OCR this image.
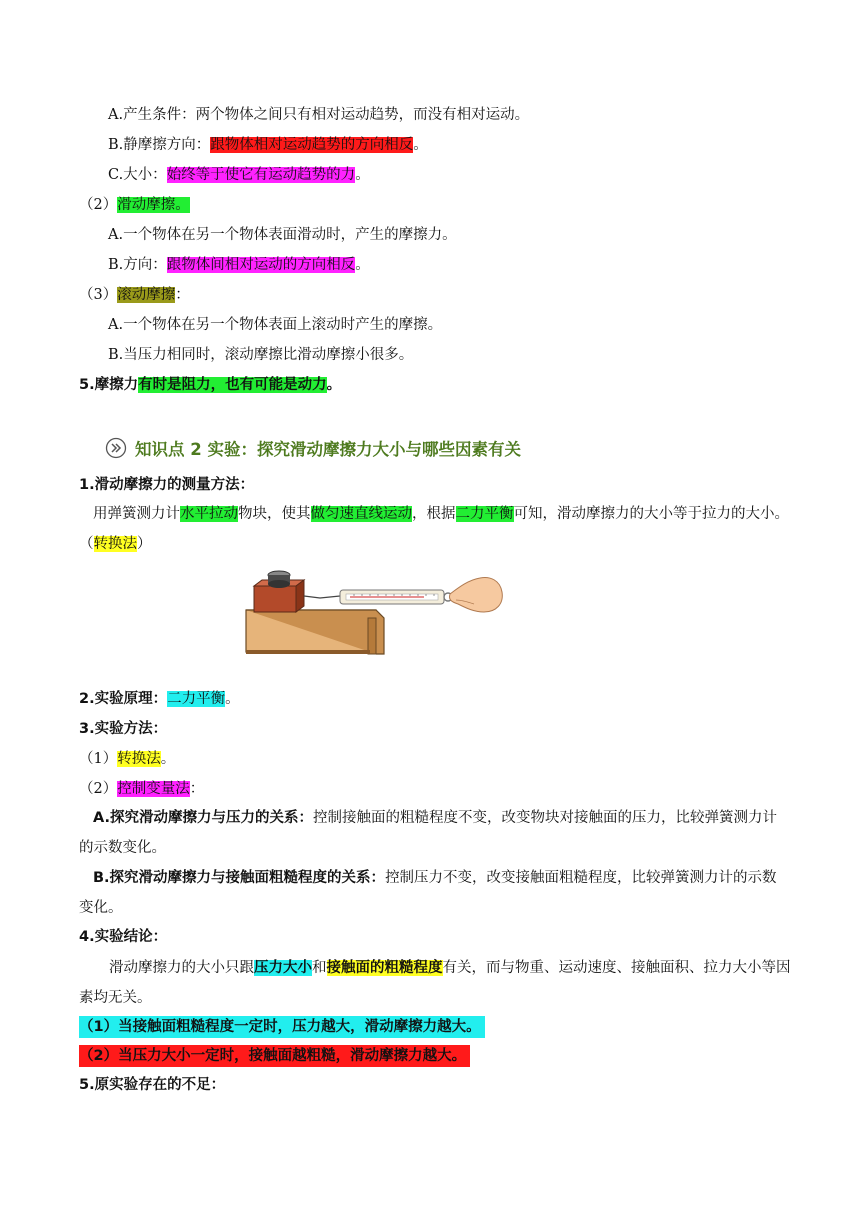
A.产生条件：两个物体之间只有相对运动趋势，而没有相对运动。
B.静摩擦方向：跟物体相对运动趋势的方向相反。
C.大小：始终等于使它有运动趋势的力。
（2）滑动摩擦。
A.一个物体在另一个物体表面滑动时，产生的摩擦力。
B.方向：跟物体间相对运动的方向相反。
（3）滚动摩擦：
A.一个物体在另一个物体表面上滚动时产生的摩擦。
B.当压力相同时，滚动摩擦比滑动摩擦小很多。
5.摩擦力有时是阻力，也有可能是动力。
知识点 2 实验：探究滑动摩擦力大小与哪些因素有关
1.滑动摩擦力的测量方法：
用弹簧测力计水平拉动物块，使其做匀速直线运动，根据二力平衡可知，滑动摩擦力的大小等于拉力的大小。（转换法）
2.实验原理：二力平衡。
3.实验方法：
（1）转换法。
（2）控制变量法：
A.探究滑动摩擦力与压力的关系：控制接触面的粗糙程度不变，改变物块对接触面的压力，比较弹簧测力计的示数变化。
B.探究滑动摩擦力与接触面粗糙程度的关系：控制压力不变，改变接触面粗糙程度，比较弹簧测力计的示数变化。
4.实验结论：
滑动摩擦力的大小只跟压力大小和接触面的粗糙程度有关，而与物重、运动速度、接触面积、拉力大小等因素均无关。
（1）当接触面粗糙程度一定时，压力越大，滑动摩擦力越大。
（2）当压力大小一定时，接触面越粗糙，滑动摩擦力越大。
5.原实验存在的不足：
